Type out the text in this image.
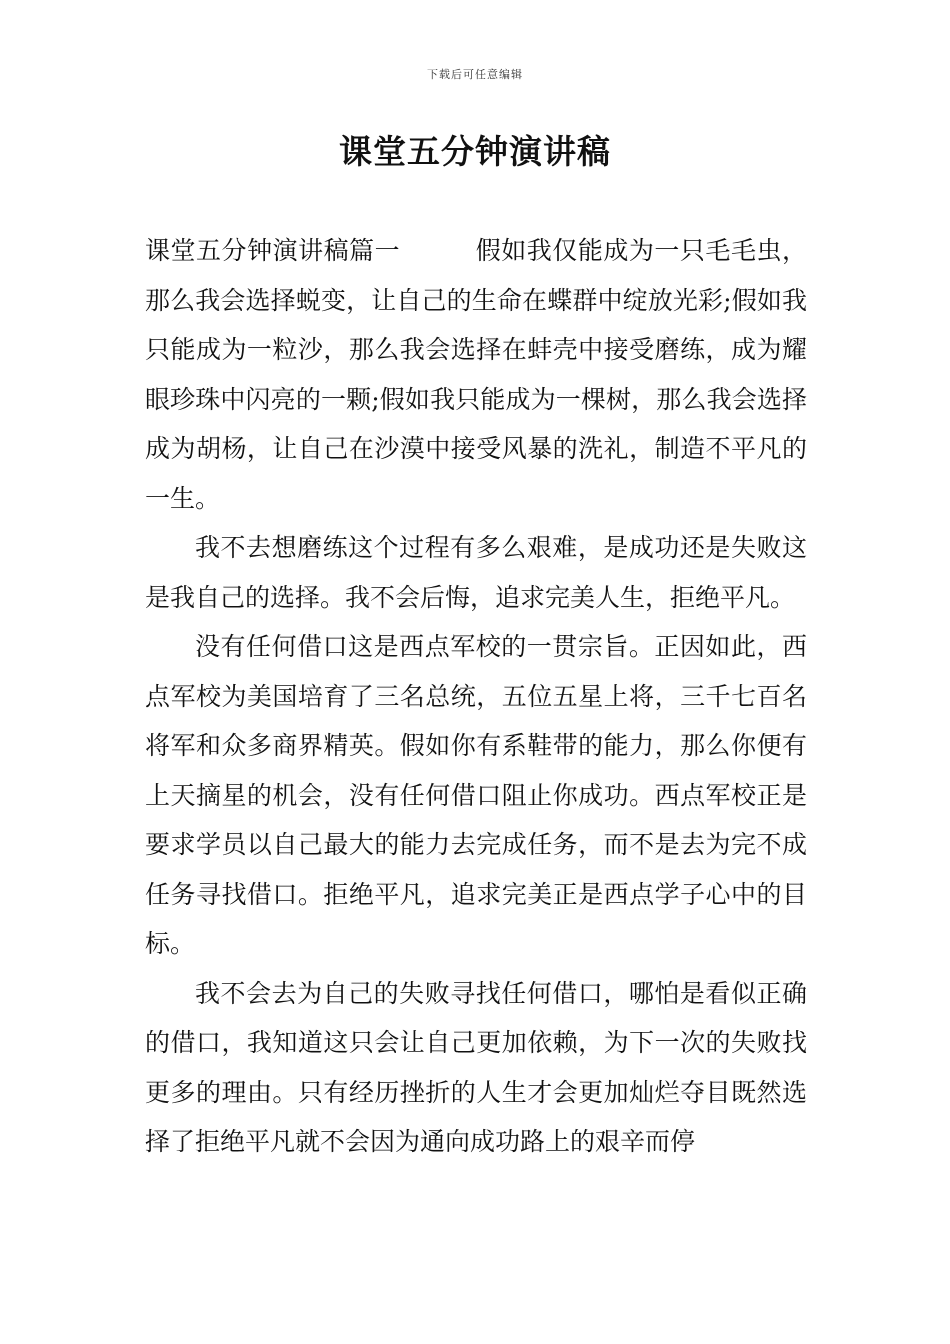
下载后可任意编辑
课堂五分钟演讲稿

课堂五分钟演讲稿篇一	假如我仅能成为一只毛毛虫，那么我会选择蜕变，让自己的生命在蝶群中绽放光彩;假如我只能成为一粒沙，那么我会选择在蚌壳中接受磨练，成为耀眼珍珠中闪亮的一颗;假如我只能成为一棵树，那么我会选择成为胡杨，让自己在沙漠中接受风暴的洗礼，制造不平凡的一生。

我不去想磨练这个过程有多么艰难，是成功还是失败这是我自己的选择。我不会后悔，追求完美人生，拒绝平凡。

没有任何借口这是西点军校的一贯宗旨。正因如此，西点军校为美国培育了三名总统，五位五星上将，三千七百名将军和众多商界精英。假如你有系鞋带的能力，那么你便有上天摘星的机会，没有任何借口阻止你成功。西点军校正是要求学员以自己最大的能力去完成任务，而不是去为完不成任务寻找借口。拒绝平凡，追求完美正是西点学子心中的目标。

我不会去为自己的失败寻找任何借口，哪怕是看似正确的借口，我知道这只会让自己更加依赖，为下一次的失败找更多的理由。只有经历挫折的人生才会更加灿烂夺目既然选择了拒绝平凡就不会因为通向成功路上的艰辛而停
